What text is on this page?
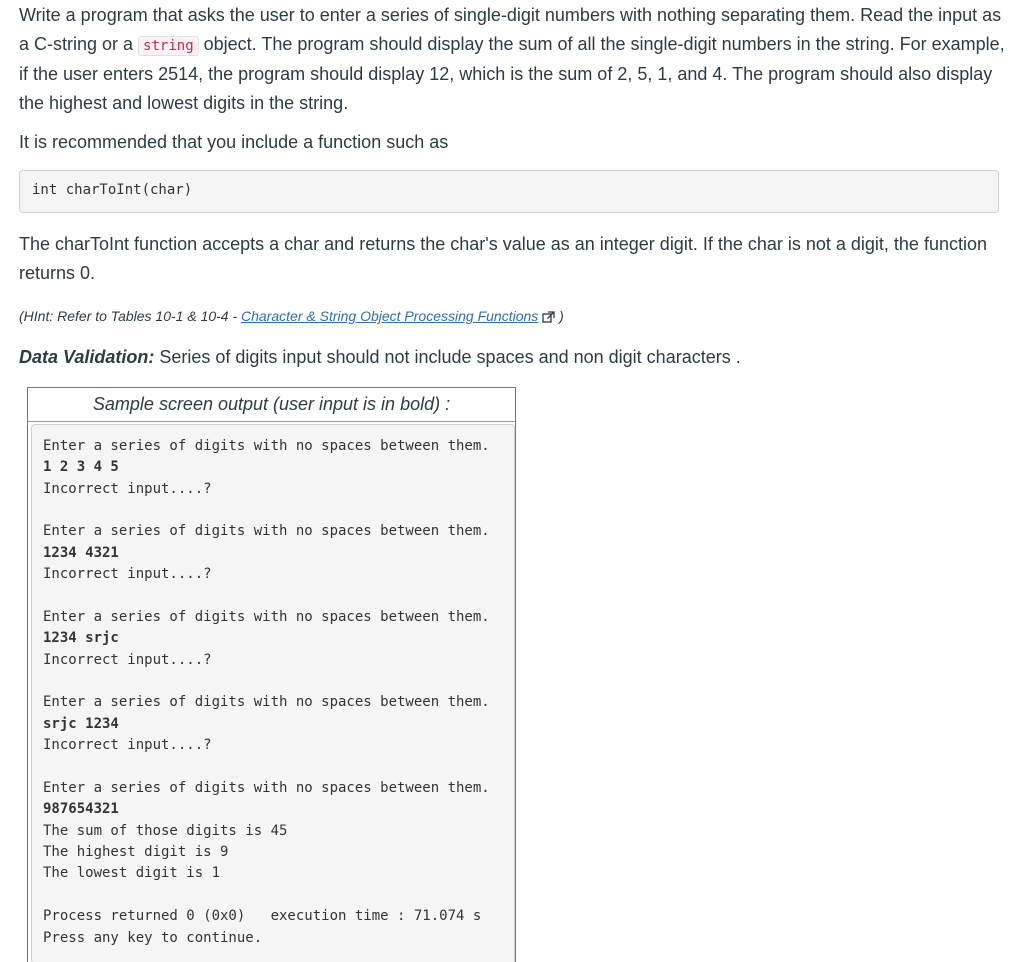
Write a program that asks the user to enter a series of single-digit numbers with nothing separating them. Read the input as a C-string or a string object. The program should display the sum of all the single-digit numbers in the string. For example, if the user enters 2514, the program should display 12, which is the sum of 2, 5, 1, and 4. The program should also display the highest and lowest digits in the string.

It is recommended that you include a function such as

int charToInt(char)

The charToInt function accepts a char and returns the char's value as an integer digit. If the char is not a digit, the function returns 0.

(HInt: Refer to Tables 10-1 & 10-4 - Character & String Object Processing Functions )
Data Validation: Series of digits input should not include spaces and non digit characters .
Sample screen output (user input is in bold) :
Enter a series of digits with no spaces between them.
1 2 3 4 5
Incorrect input....?
Enter a series of digits with no spaces between them.
1234 4321
Incorrect input....?
Enter a series of digits with no spaces between them.
1234 srjc
Incorrect input....?
Enter a series of digits with no spaces between them.
srjc 1234
Incorrect input....?
Enter a series of digits with no spaces between them.
987654321
The sum of those digits is 45
The highest digit is 9
The lowest digit is 1
Process returned 0 (0x0)   execution time : 71.074 s
Press any key to continue.
